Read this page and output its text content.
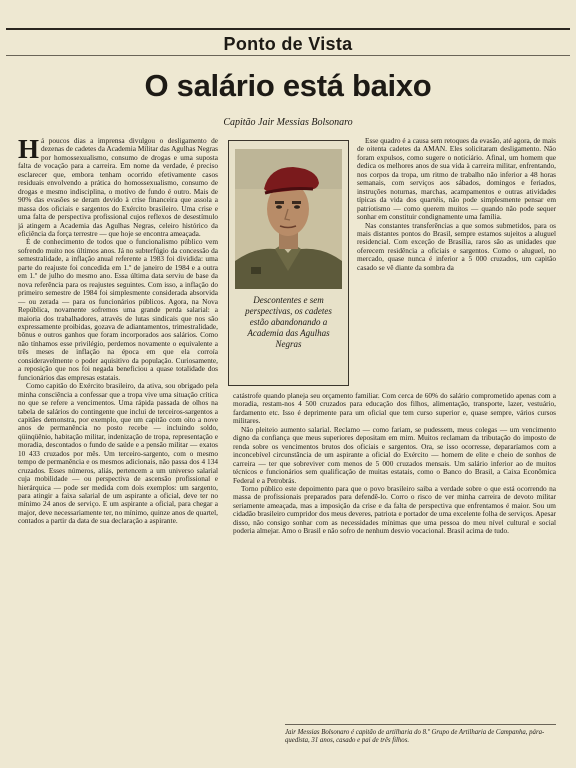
Ponto de Vista
O salário está baixo
Capitão Jair Messias Bolsonaro

Há poucos dias a imprensa divulgou o desligamento de dezenas de cadetes da Academia Militar das Agulhas Negras por homossexualismo, consumo de drogas e uma suposta falta de vocação para a carreira. Em nome da verdade, é preciso esclarecer que, embora tenham ocorrido efetivamente casos residuais envolvendo a prática do homossexualismo, consumo de drogas e mesmo indisciplina, o motivo de fundo é outro. Mais de 90% das evasões se deram devido à crise financeira que assola a massa dos oficiais e sargentos do Exército brasileiro. Uma crise e uma falta de perspectiva profissional cujos reflexos de desestímulo já atingem a Academia das Agulhas Negras, celeiro histórico da eficiência da força terrestre — que hoje se encontra ameaçada.

É de conhecimento de todos que o funcionalismo público vem sofrendo muito nos últimos anos. Já no subterfúgio da concessão da semestralidade, a inflação anual referente a 1983 foi dividida: uma parte do reajuste foi concedida em 1.º de janeiro de 1984 e a outra em 1.º de julho do mesmo ano. Essa última data serviu de base da nova referência para os reajustes seguintes. Com isso, a inflação do primeiro semestre de 1984 foi simplesmente considerada absorvida — ou zerada — para os funcionários públicos. Agora, na Nova República, novamente sofremos uma grande perda salarial: a maioria dos trabalhadores, através de lutas sindicais que nos são expressamente proibidas, gozava de adiantamentos, trimestralidade, bônus e outros ganhos que foram incorporados aos salários. Como não tínhamos esse privilégio, perdemos novamente o equivalente a três meses de inflação na época em que ela corroía consideravelmente o poder aquisitivo da população. Curiosamente, a reposição que nos foi negada beneficiou a quase totalidade dos funcionários das empresas estatais.

Como capitão do Exército brasileiro, da ativa, sou obrigado pela minha consciência a confessar que a tropa vive uma situação crítica no que se refere a vencimentos. Uma rápida passada de olhos na tabela de salários do contingente que inclui de terceiros-sargentos a capitães demonstra, por exemplo, que um capitão com oito a nove anos de permanência no posto recebe — incluindo soldo, qüinqüênio, habitação militar, indenização de tropa, representação e moradia, descontados o fundo de saúde e a pensão militar — exatos 10 433 cruzados por mês. Um terceiro-sargento, com o mesmo tempo de permanência e os mesmos adicionais, não passa dos 4 134 cruzados. Esses números, aliás, pertencem a um universo salarial cuja mobilidade — ou perspectiva de ascensão profissional e hierárquica — pode ser medida com dois exemplos: um sargento, para atingir a faixa salarial de um aspirante a oficial, deve ter no mínimo 24 anos de serviço. E um aspirante a oficial, para chegar a major, deve necessariamente ter, no mínimo, quinze anos de quartel, contados a partir da data de sua declaração a aspirante.

Descontentes e sem perspectivas, os cadetes estão abandonando a Academia das Agulhas Negras

Esse quadro é a causa sem retoques da evasão, até agora, de mais de oitenta cadetes da AMAN. Eles solicitaram desligamento. Não foram expulsos, como sugere o noticiário. Afinal, um homem que dedica os melhores anos de sua vida à carreira militar, enfrentando, nos corpos da tropa, um ritmo de trabalho não inferior a 48 horas semanais, com serviços aos sábados, domingos e feriados, instruções noturnas, marchas, acampamentos e outras atividades típicas da vida dos quartéis, não pode simplesmente pensar em patriotismo — como querem muitos — quando não pode sequer sonhar em constituir condignamente uma família.

Nas constantes transferências a que somos submetidos, para os mais distantes pontos do Brasil, sempre estamos sujeitos a aluguel residencial. Com exceção de Brasília, raros são as unidades que oferecem residência a oficiais e sargentos. Como o aluguel, no mercado, quase nunca é inferior a 5 000 cruzados, um capitão casado se vê diante da sombra da

catástrofe quando planeja seu orçamento familiar. Com cerca de 60% do salário comprometido apenas com a moradia, restam-nos 4 500 cruzados para educação dos filhos, alimentação, transporte, lazer, vestuário, fardamento etc. Isso é deprimente para um oficial que tem curso superior e, quase sempre, vários cursos militares.

Não pleiteio aumento salarial. Reclamo — como fariam, se pudessem, meus colegas — um vencimento digno da confiança que meus superiores depositam em mim. Muitos reclamam da tributação do imposto de renda sobre os vencimentos brutos dos oficiais e sargentos. Ora, se isso ocorresse, depararíamos com a inconcebível circunstância de um aspirante a oficial do Exército — homem de elite e cheio de sonhos de carreira — ter que sobreviver com menos de 5 000 cruzados mensais. Um salário inferior ao de muitos técnicos e funcionários sem qualificação de muitas estatais, como o Banco do Brasil, a Caixa Econômica Federal e a Petrobrás.

Torno público este depoimento para que o povo brasileiro saiba a verdade sobre o que está ocorrendo na massa de profissionais preparados para defendê-lo. Corro o risco de ver minha carreira de devoto militar seriamente ameaçada, mas a imposição da crise e da falta de perspectiva que enfrentamos é maior. Sou um cidadão brasileiro cumpridor dos meus deveres, patriota e portador de uma excelente folha de serviços. Apesar disso, não consigo sonhar com as necessidades mínimas que uma pessoa do meu nível cultural e social poderia almejar. Amo o Brasil e não sofro de nenhum desvio vocacional. Brasil acima de tudo.

Jair Messias Bolsonaro é capitão de artilharia do 8.º Grupo de Artilharia de Campanha, pára-quedista, 31 anos, casado e pai de três filhos.
